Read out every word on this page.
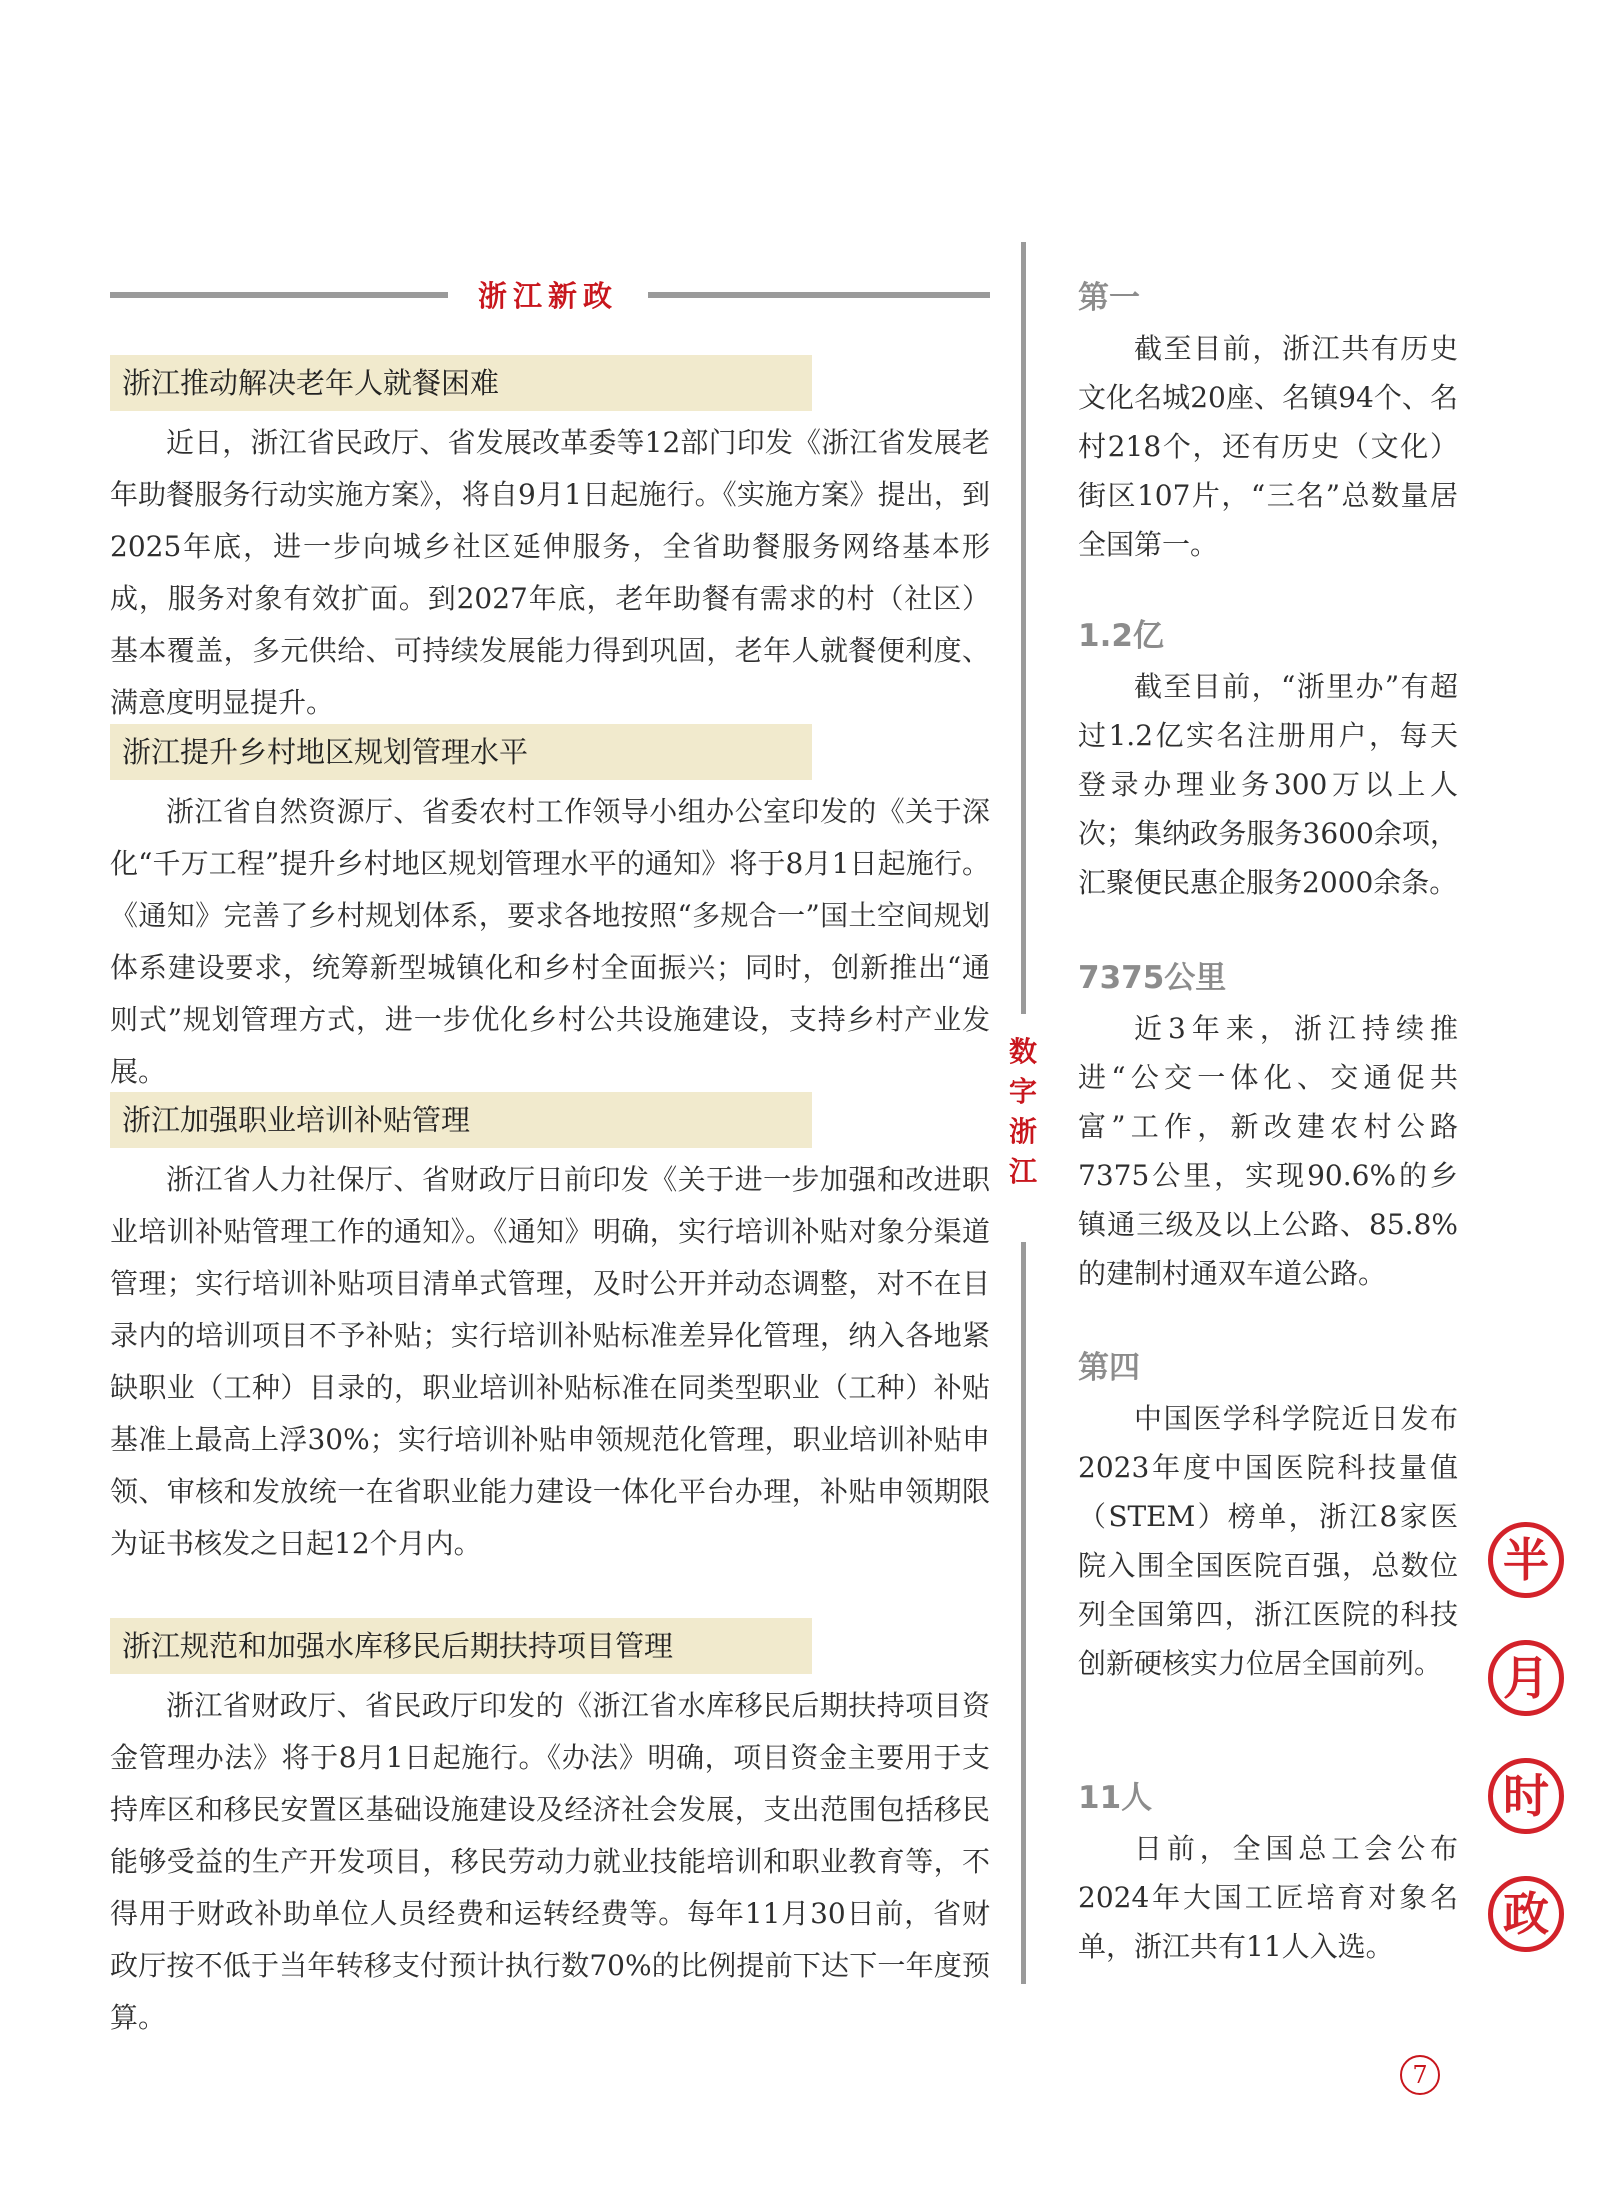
浙江新政
浙江推动解决老年人就餐困难

近日，浙江省民政厅、省发展改革委等12部门印发《浙江省发展老年助餐服务行动实施方案》，将自9月1日起施行。《实施方案》提出，到2025年底，进一步向城乡社区延伸服务，全省助餐服务网络基本形成，服务对象有效扩面。到2027年底，老年助餐有需求的村（社区）基本覆盖，多元供给、可持续发展能力得到巩固，老年人就餐便利度、满意度明显提升。

浙江提升乡村地区规划管理水平

浙江省自然资源厅、省委农村工作领导小组办公室印发的《关于深化“千万工程”提升乡村地区规划管理水平的通知》将于8月1日起施行。《通知》完善了乡村规划体系，要求各地按照“多规合一”国土空间规划体系建设要求，统筹新型城镇化和乡村全面振兴；同时，创新推出“通则式”规划管理方式，进一步优化乡村公共设施建设，支持乡村产业发展。

浙江加强职业培训补贴管理

浙江省人力社保厅、省财政厅日前印发《关于进一步加强和改进职业培训补贴管理工作的通知》。《通知》明确，实行培训补贴对象分渠道管理；实行培训补贴项目清单式管理，及时公开并动态调整，对不在目录内的培训项目不予补贴；实行培训补贴标准差异化管理，纳入各地紧缺职业（工种）目录的，职业培训补贴标准在同类型职业（工种）补贴基准上最高上浮30%；实行培训补贴申领规范化管理，职业培训补贴申领、审核和发放统一在省职业能力建设一体化平台办理，补贴申领期限为证书核发之日起12个月内。

浙江规范和加强水库移民后期扶持项目管理

浙江省财政厅、省民政厅印发的《浙江省水库移民后期扶持项目资金管理办法》将于8月1日起施行。《办法》明确，项目资金主要用于支持库区和移民安置区基础设施建设及经济社会发展，支出范围包括移民能够受益的生产开发项目，移民劳动力就业技能培训和职业教育等，不得用于财政补助单位人员经费和运转经费等。每年11月30日前，省财政厅按不低于当年转移支付预计执行数70%的比例提前下达下一年度预算。

数
字
浙
江
第一

截至目前，浙江共有历史文化名城20座、名镇94个、名村218个，还有历史（文化）街区107片，“三名”总数量居全国第一。

1.2亿

截至目前，“浙里办”有超过1.2亿实名注册用户，每天登录办理业务300万以上人次；集纳政务服务3600余项，汇聚便民惠企服务2000余条。

7375公里

近3年来，浙江持续推进“公交一体化、交通促共富”工作，新改建农村公路7375公里，实现90.6%的乡镇通三级及以上公路、85.8%的建制村通双车道公路。

第四

中国医学科学院近日发布2023年度中国医院科技量值（STEM）榜单，浙江8家医院入围全国医院百强，总数位列全国第四，浙江医院的科技创新硬核实力位居全国前列。

11人

日前，全国总工会公布2024年大国工匠培育对象名单，浙江共有11人入选。

半
月
时
政
7
